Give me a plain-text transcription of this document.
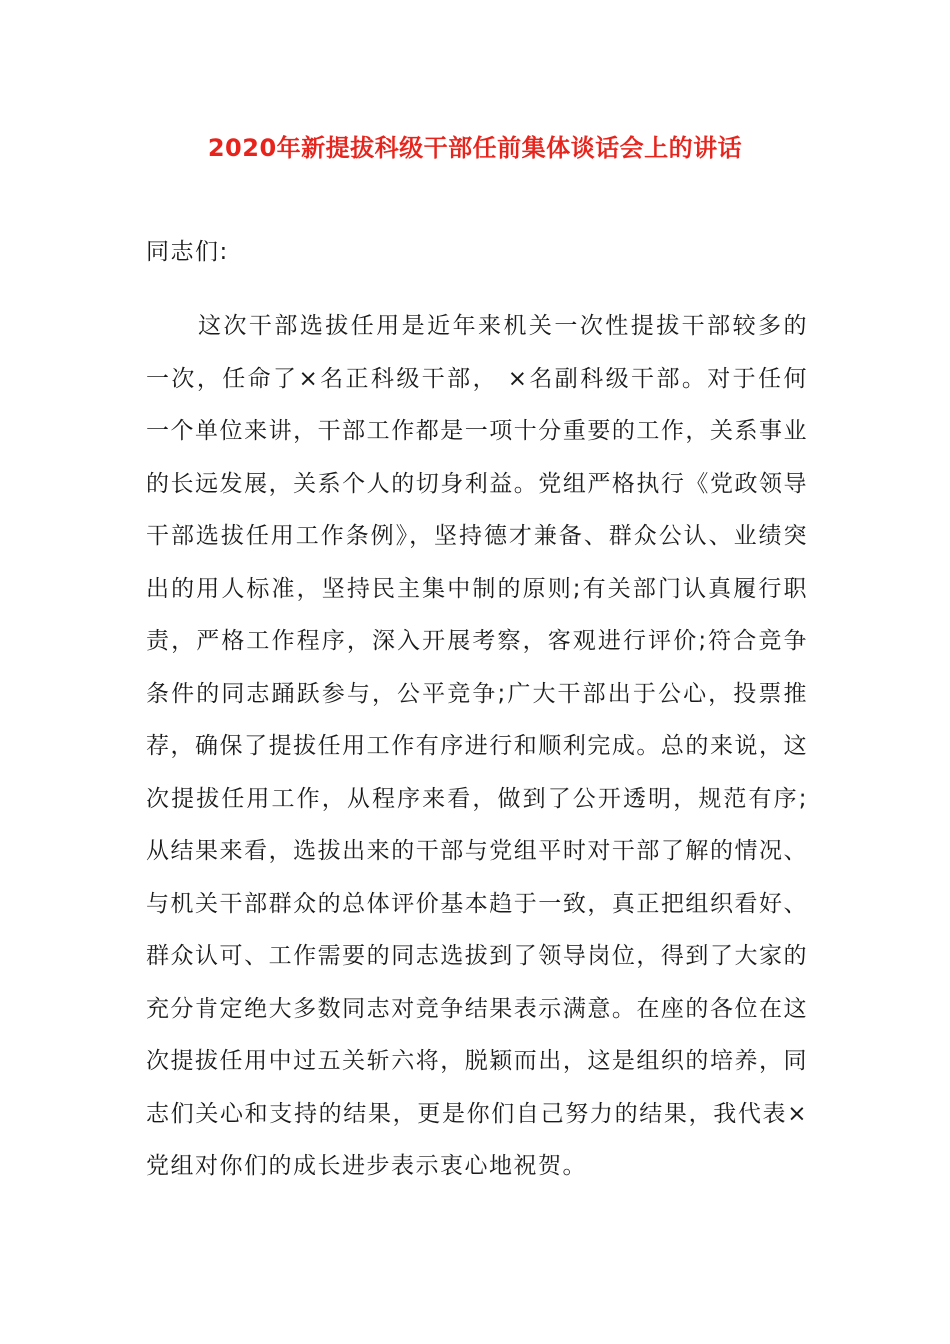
2020年新提拔科级干部任前集体谈话会上的讲话

同志们:

这次干部选拔任用是近年来机关一次性提拔干部较多的一次，任命了×名正科级干部， ×名副科级干部。对于任何一个单位来讲，干部工作都是一项十分重要的工作，关系事业的长远发展，关系个人的切身利益。党组严格执行《党政领导干部选拔任用工作条例》，坚持德才兼备、群众公认、业绩突出的用人标准，坚持民主集中制的原则;有关部门认真履行职责，严格工作程序，深入开展考察，客观进行评价;符合竞争条件的同志踊跃参与，公平竞争;广大干部出于公心，投票推荐，确保了提拔任用工作有序进行和顺利完成。总的来说，这次提拔任用工作，从程序来看，做到了公开透明，规范有序;从结果来看，选拔出来的干部与党组平时对干部了解的情况、与机关干部群众的总体评价基本趋于一致，真正把组织看好、群众认可、工作需要的同志选拔到了领导岗位，得到了大家的充分肯定绝大多数同志对竞争结果表示满意。在座的各位在这次提拔任用中过五关斩六将，脱颖而出，这是组织的培养，同志们关心和支持的结果，更是你们自己努力的结果，我代表×党组对你们的成长进步表示衷心地祝贺。
